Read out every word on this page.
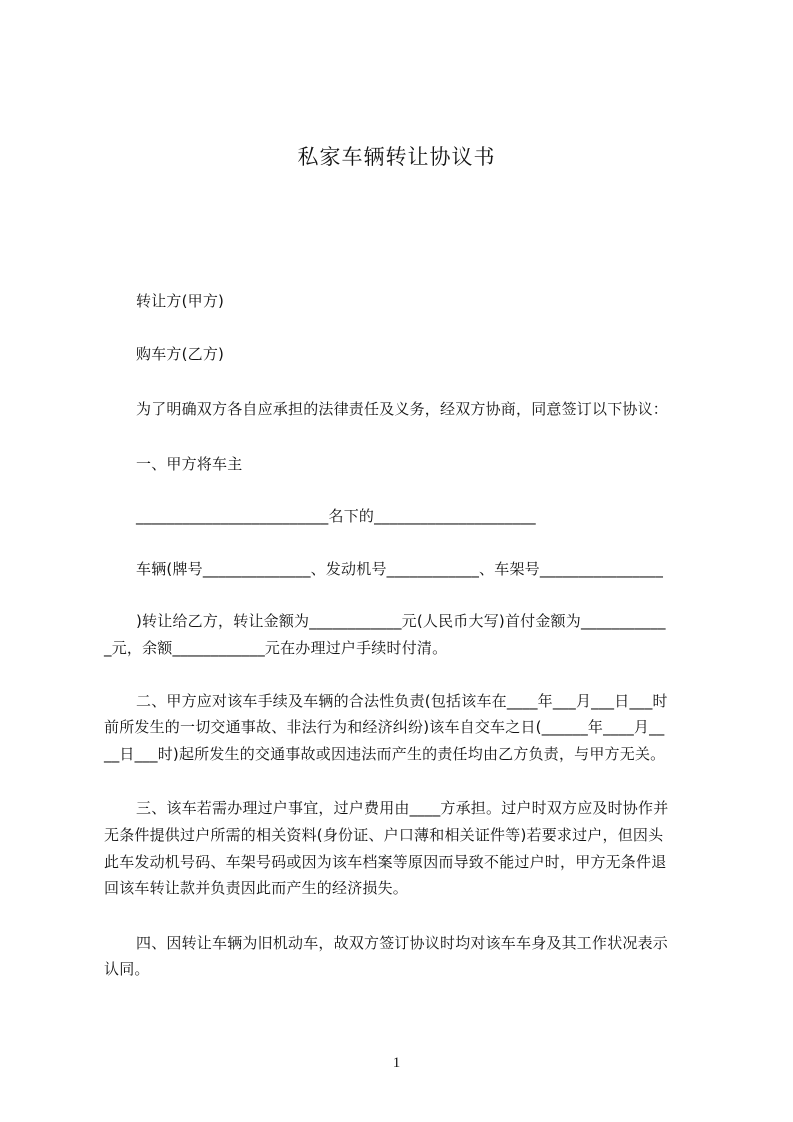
私家车辆转让协议书
转让方(甲方)
购车方(乙方)
为了明确双方各自应承担的法律责任及义务，经双方协商，同意签订以下协议：
一、甲方将车主
_________________________名下的_____________________
车辆(牌号______________、发动机号____________、车架号________________
)转让给乙方，转让金额为____________元(人民币大写)首付金额为___________
_元，余额____________元在办理过户手续时付清。
二、甲方应对该车手续及车辆的合法性负责(包括该车在____年___月___日___时
前所发生的一切交通事故、非法行为和经济纠纷)该车自交车之日(______年____月__
__日___时)起所发生的交通事故或因违法而产生的责任均由乙方负责，与甲方无关。
三、该车若需办理过户事宜，过户费用由____方承担。过户时双方应及时协作并
无条件提供过户所需的相关资料(身份证、户口薄和相关证件等)若要求过户，但因头
此车发动机号码、车架号码或因为该车档案等原因而导致不能过户时，甲方无条件退
回该车转让款并负责因此而产生的经济损失。
四、因转让车辆为旧机动车，故双方签订协议时均对该车车身及其工作状况表示
认同。
1
